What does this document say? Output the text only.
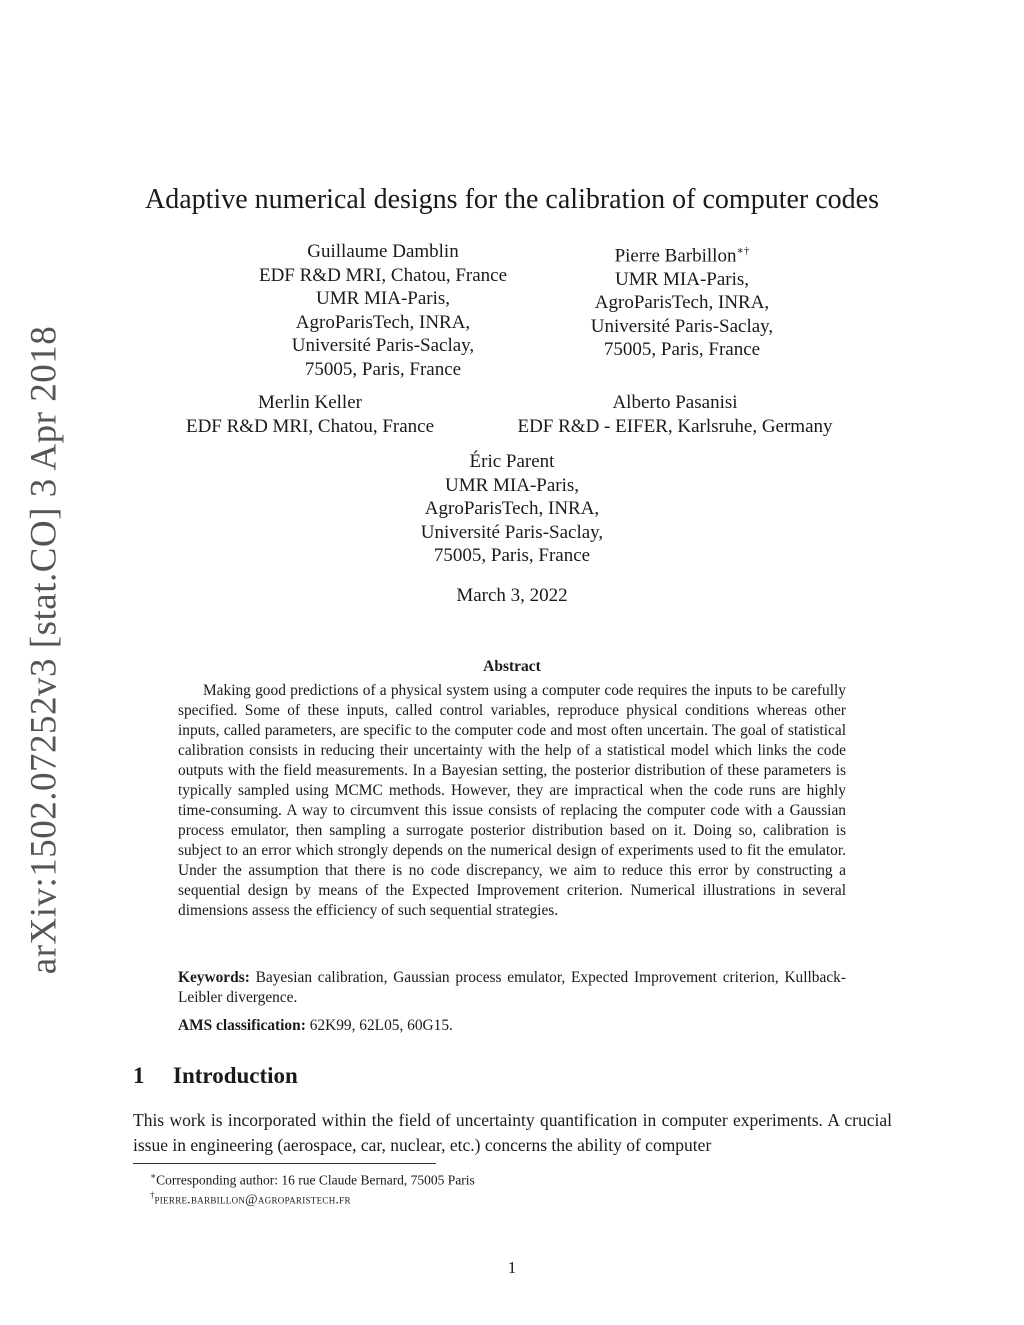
arXiv:1502.07252v3 [stat.CO] 3 Apr 2018
Adaptive numerical designs for the calibration of computer codes
Guillaume Damblin
EDF R&D MRI, Chatou, France
UMR MIA-Paris,
AgroParisTech, INRA,
Université Paris-Saclay,
75005, Paris, France
Pierre Barbillon∗†
UMR MIA-Paris,
AgroParisTech, INRA,
Université Paris-Saclay,
75005, Paris, France
Merlin Keller
EDF R&D MRI, Chatou, France
Alberto Pasanisi
EDF R&D - EIFER, Karlsruhe, Germany
Éric Parent
UMR MIA-Paris,
AgroParisTech, INRA,
Université Paris-Saclay,
75005, Paris, France
March 3, 2022
Abstract

Making good predictions of a physical system using a computer code requires the inputs to be carefully specified. Some of these inputs, called control variables, reproduce physical conditions whereas other inputs, called parameters, are specific to the computer code and most often uncertain. The goal of statistical calibration consists in reducing their uncertainty with the help of a statistical model which links the code outputs with the field measurements. In a Bayesian setting, the posterior distribution of these parameters is typically sampled using MCMC methods. However, they are impractical when the code runs are highly time-consuming. A way to circumvent this issue consists of replacing the computer code with a Gaussian process emulator, then sampling a surrogate posterior distribution based on it. Doing so, calibration is subject to an error which strongly depends on the numerical design of experiments used to fit the emulator. Under the assumption that there is no code discrepancy, we aim to reduce this error by constructing a sequential design by means of the Expected Improvement criterion. Numerical illustrations in several dimensions assess the efficiency of such sequential strategies.

Keywords: Bayesian calibration, Gaussian process emulator, Expected Improvement criterion, Kullback-Leibler divergence.

AMS classification: 62K99, 62L05, 60G15.

1 Introduction

This work is incorporated within the field of uncertainty quantification in computer experiments. A crucial issue in engineering (aerospace, car, nuclear, etc.) concerns the ability of computer

∗Corresponding author: 16 rue Claude Bernard, 75005 Paris
†pierre.barbillon@agroparistech.fr
1
